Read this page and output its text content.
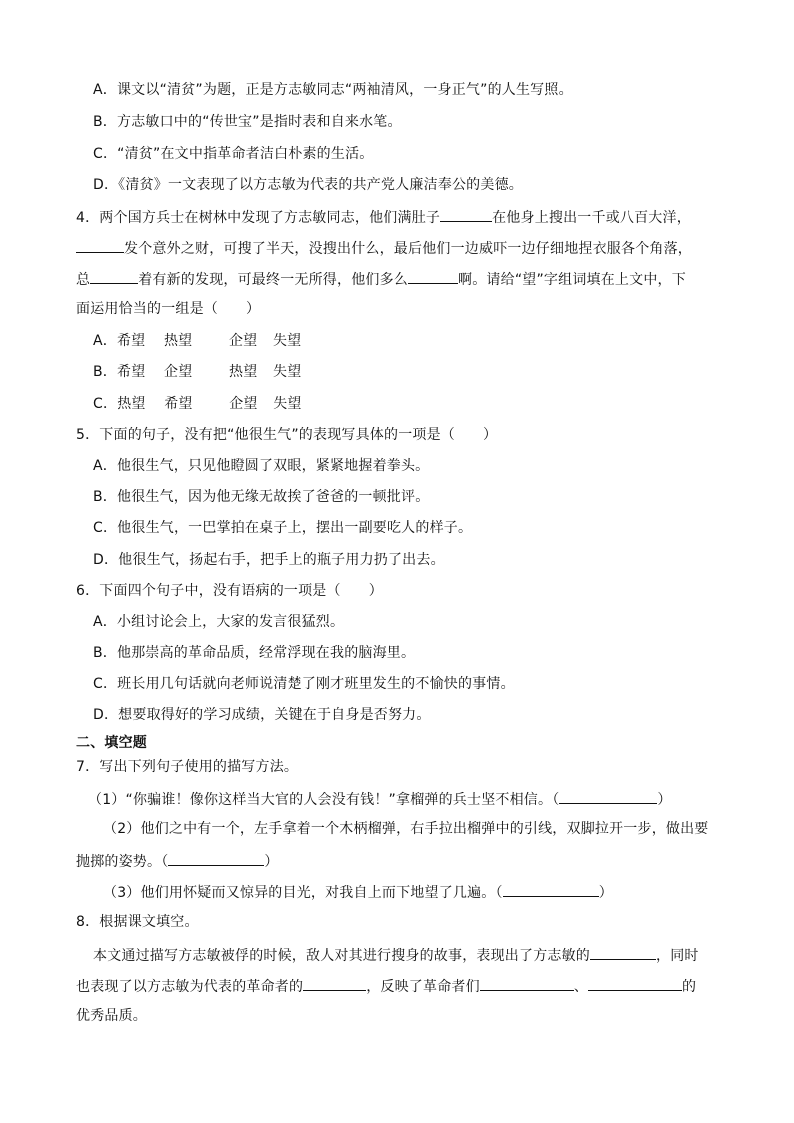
A．课文以“清贫”为题，正是方志敏同志“两袖清风，一身正气”的人生写照。
B．方志敏口中的“传世宝”是指时表和自来水笔。
C．“清贫”在文中指革命者洁白朴素的生活。
D．《清贫》一文表现了以方志敏为代表的共产党人廉洁奉公的美德。
4．两个国方兵士在树林中发现了方志敏同志，他们满肚子	在他身上搜出一千或八百大洋，
发个意外之财，可搜了半天，没搜出什么，最后他们一边威吓一边仔细地捏衣服各个角落，
总	着有新的发现，可最终一无所得，他们多么	啊。请给“望”字组词填在上文中，下
面运用恰当的一组是（ ）
A．希望 热望	企望 失望
B．希望 企望	热望 失望
C．热望 希望	企望 失望
5．下面的句子，没有把“他很生气”的表现写具体的一项是（ ）
A．他很生气，只见他瞪圆了双眼，紧紧地握着拳头。
B．他很生气，因为他无缘无故挨了爸爸的一顿批评。
C．他很生气，一巴掌拍在桌子上，摆出一副要吃人的样子。
D．他很生气，扬起右手，把手上的瓶子用力扔了出去。
6．下面四个句子中，没有语病的一项是（ ）
A．小组讨论会上，大家的发言很猛烈。
B．他那崇高的革命品质，经常浮现在我的脑海里。
C．班长用几句话就向老师说清楚了刚才班里发生的不愉快的事情。
D．想要取得好的学习成绩，关键在于自身是否努力。
二、填空题
7．写出下列句子使用的描写方法。
（1）“你骗谁！像你这样当大官的人会没有钱！”拿榴弹的兵士坚不相信。（	）
（2）他们之中有一个，左手拿着一个木柄榴弹，右手拉出榴弹中的引线，双脚拉开一步，做出要
抛掷的姿势。（	）
（3）他们用怀疑而又惊异的目光，对我自上而下地望了几遍。（	）
8．根据课文填空。
本文通过描写方志敏被俘的时候，敌人对其进行搜身的故事，表现出了方志敏的	，同时
也表现了以方志敏为代表的革命者的	，反映了革命者们	、	的
优秀品质。
